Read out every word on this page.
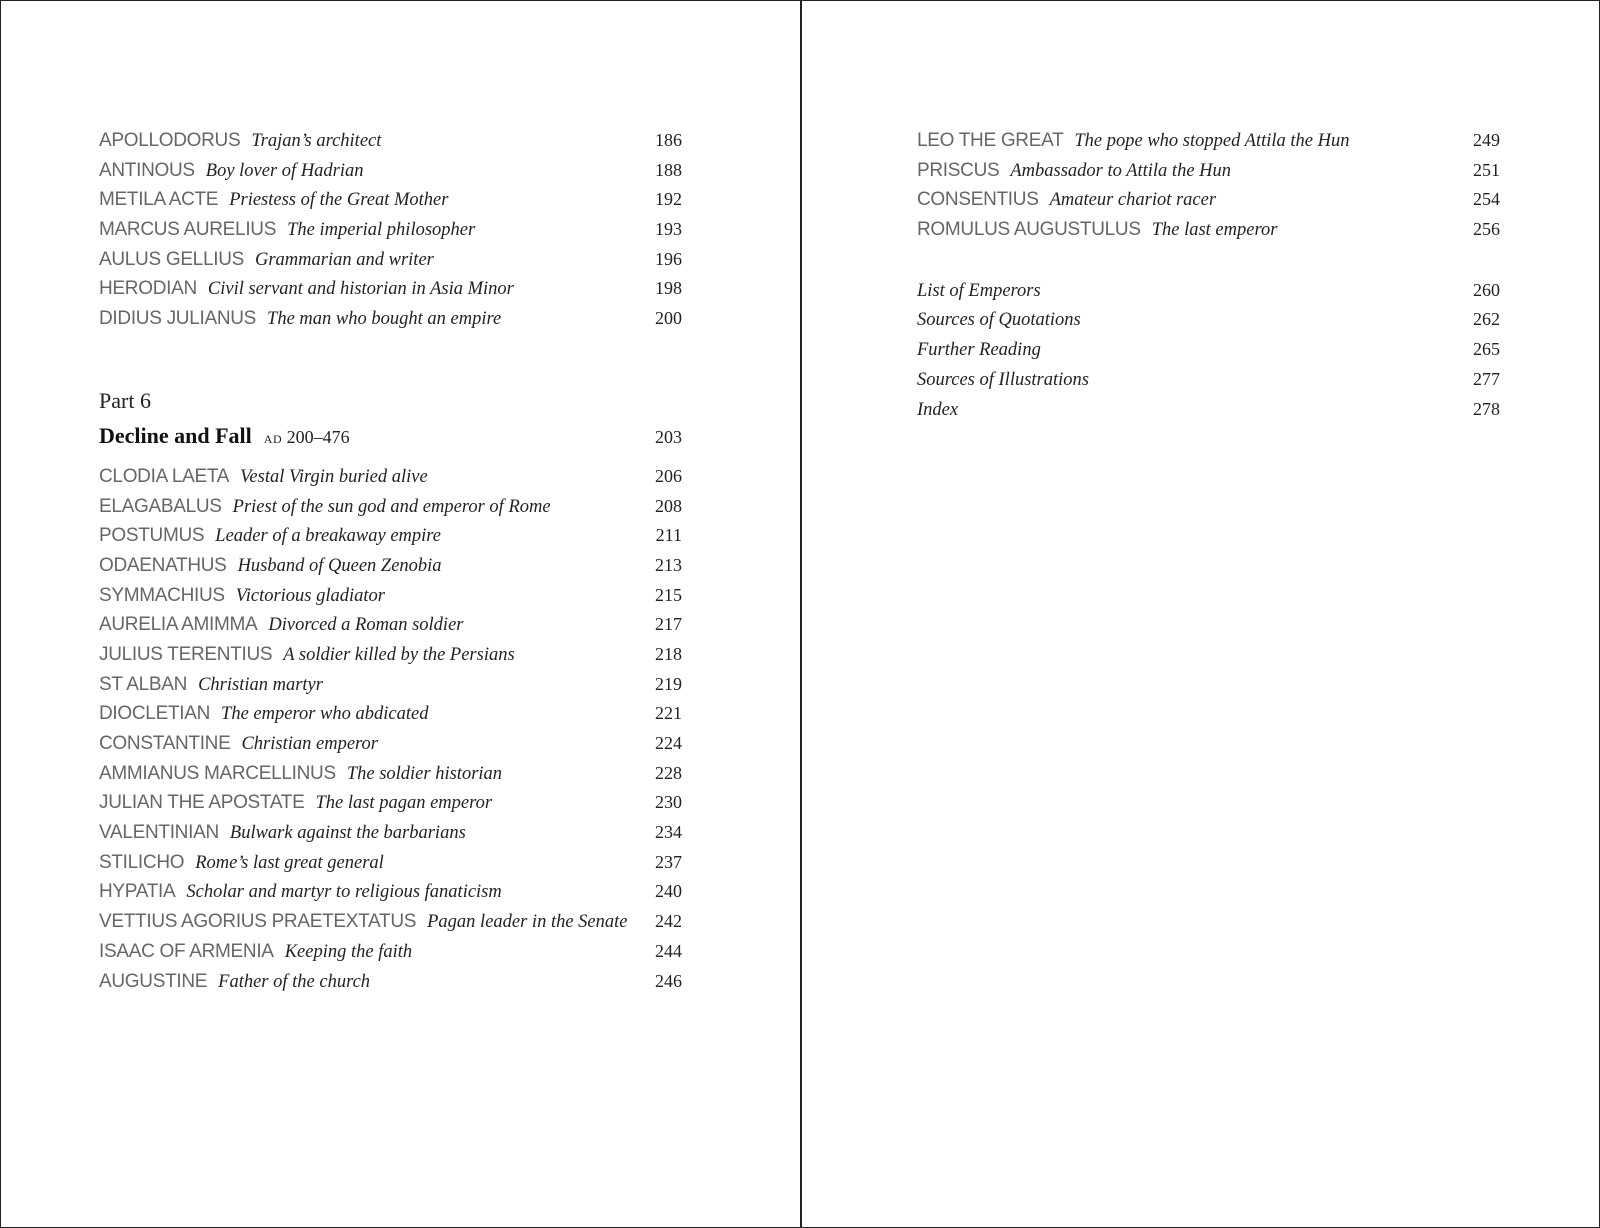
APOLLODORUS Trajan’s architect	186
ANTINOUS Boy lover of Hadrian	188
METILA ACTE Priestess of the Great Mother	192
MARCUS AURELIUS The imperial philosopher	193
AULUS GELLIUS Grammarian and writer	196
HERODIAN Civil servant and historian in Asia Minor	198
DIDIUS JULIANUS The man who bought an empire	200
Part 6
Decline and Fall ad 200–476	203
CLODIA LAETA Vestal Virgin buried alive	206
ELAGABALUS Priest of the sun god and emperor of Rome	208
POSTUMUS Leader of a breakaway empire	211
ODAENATHUS Husband of Queen Zenobia	213
SYMMACHIUS Victorious gladiator	215
AURELIA AMIMMA Divorced a Roman soldier	217
JULIUS TERENTIUS A soldier killed by the Persians	218
ST ALBAN Christian martyr	219
DIOCLETIAN The emperor who abdicated	221
CONSTANTINE Christian emperor	224
AMMIANUS MARCELLINUS The soldier historian	228
JULIAN THE APOSTATE The last pagan emperor	230
VALENTINIAN Bulwark against the barbarians	234
STILICHO Rome’s last great general	237
HYPATIA Scholar and martyr to religious fanaticism	240
VETTIUS AGORIUS PRAETEXTATUS Pagan leader in the Senate 242
ISAAC OF ARMENIA Keeping the faith	244
AUGUSTINE Father of the church	246
LEO THE GREAT The pope who stopped Attila the Hun	249
PRISCUS Ambassador to Attila the Hun	251
CONSENTIUS Amateur chariot racer	254
ROMULUS AUGUSTULUS The last emperor	256
List of Emperors	260
Sources of Quotations	262
Further Reading	265
Sources of Illustrations	277
Index	278
